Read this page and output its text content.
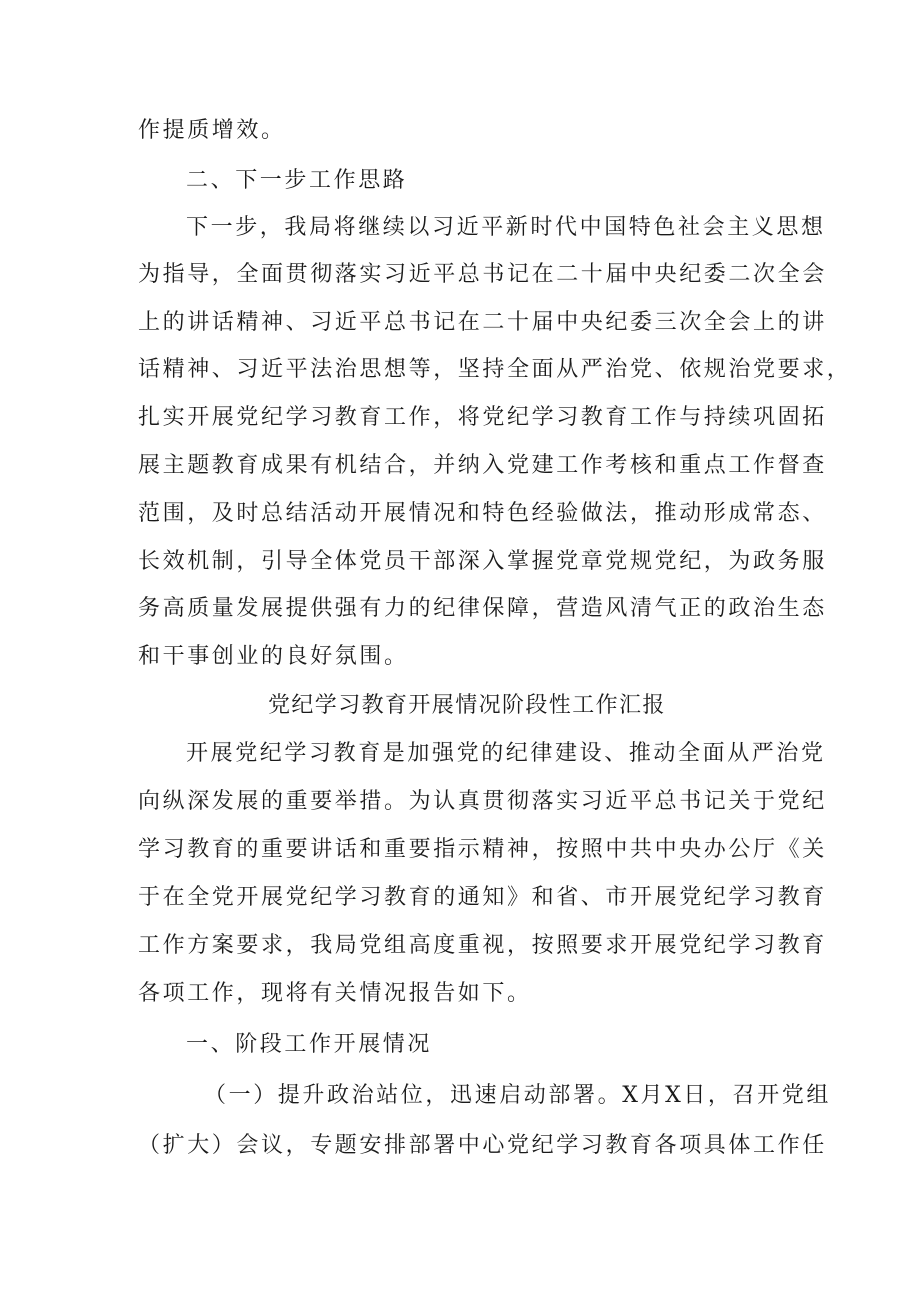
作提质增效。
二、下一步工作思路
下一步，我局将继续以习近平新时代中国特色社会主义思想
为指导，全面贯彻落实习近平总书记在二十届中央纪委二次全会
上的讲话精神、习近平总书记在二十届中央纪委三次全会上的讲
话精神、习近平法治思想等，坚持全面从严治党、依规治党要求，
扎实开展党纪学习教育工作，将党纪学习教育工作与持续巩固拓
展主题教育成果有机结合，并纳入党建工作考核和重点工作督查
范围，及时总结活动开展情况和特色经验做法，推动形成常态、
长效机制，引导全体党员干部深入掌握党章党规党纪，为政务服
务高质量发展提供强有力的纪律保障，营造风清气正的政治生态
和干事创业的良好氛围。
党纪学习教育开展情况阶段性工作汇报
开展党纪学习教育是加强党的纪律建设、推动全面从严治党
向纵深发展的重要举措。为认真贯彻落实习近平总书记关于党纪
学习教育的重要讲话和重要指示精神，按照中共中央办公厅《关
于在全党开展党纪学习教育的通知》和省、市开展党纪学习教育
工作方案要求，我局党组高度重视，按照要求开展党纪学习教育
各项工作，现将有关情况报告如下。
一、阶段工作开展情况
（一）提升政治站位，迅速启动部署。X月X日，召开党组
（扩大）会议，专题安排部署中心党纪学习教育各项具体工作任
